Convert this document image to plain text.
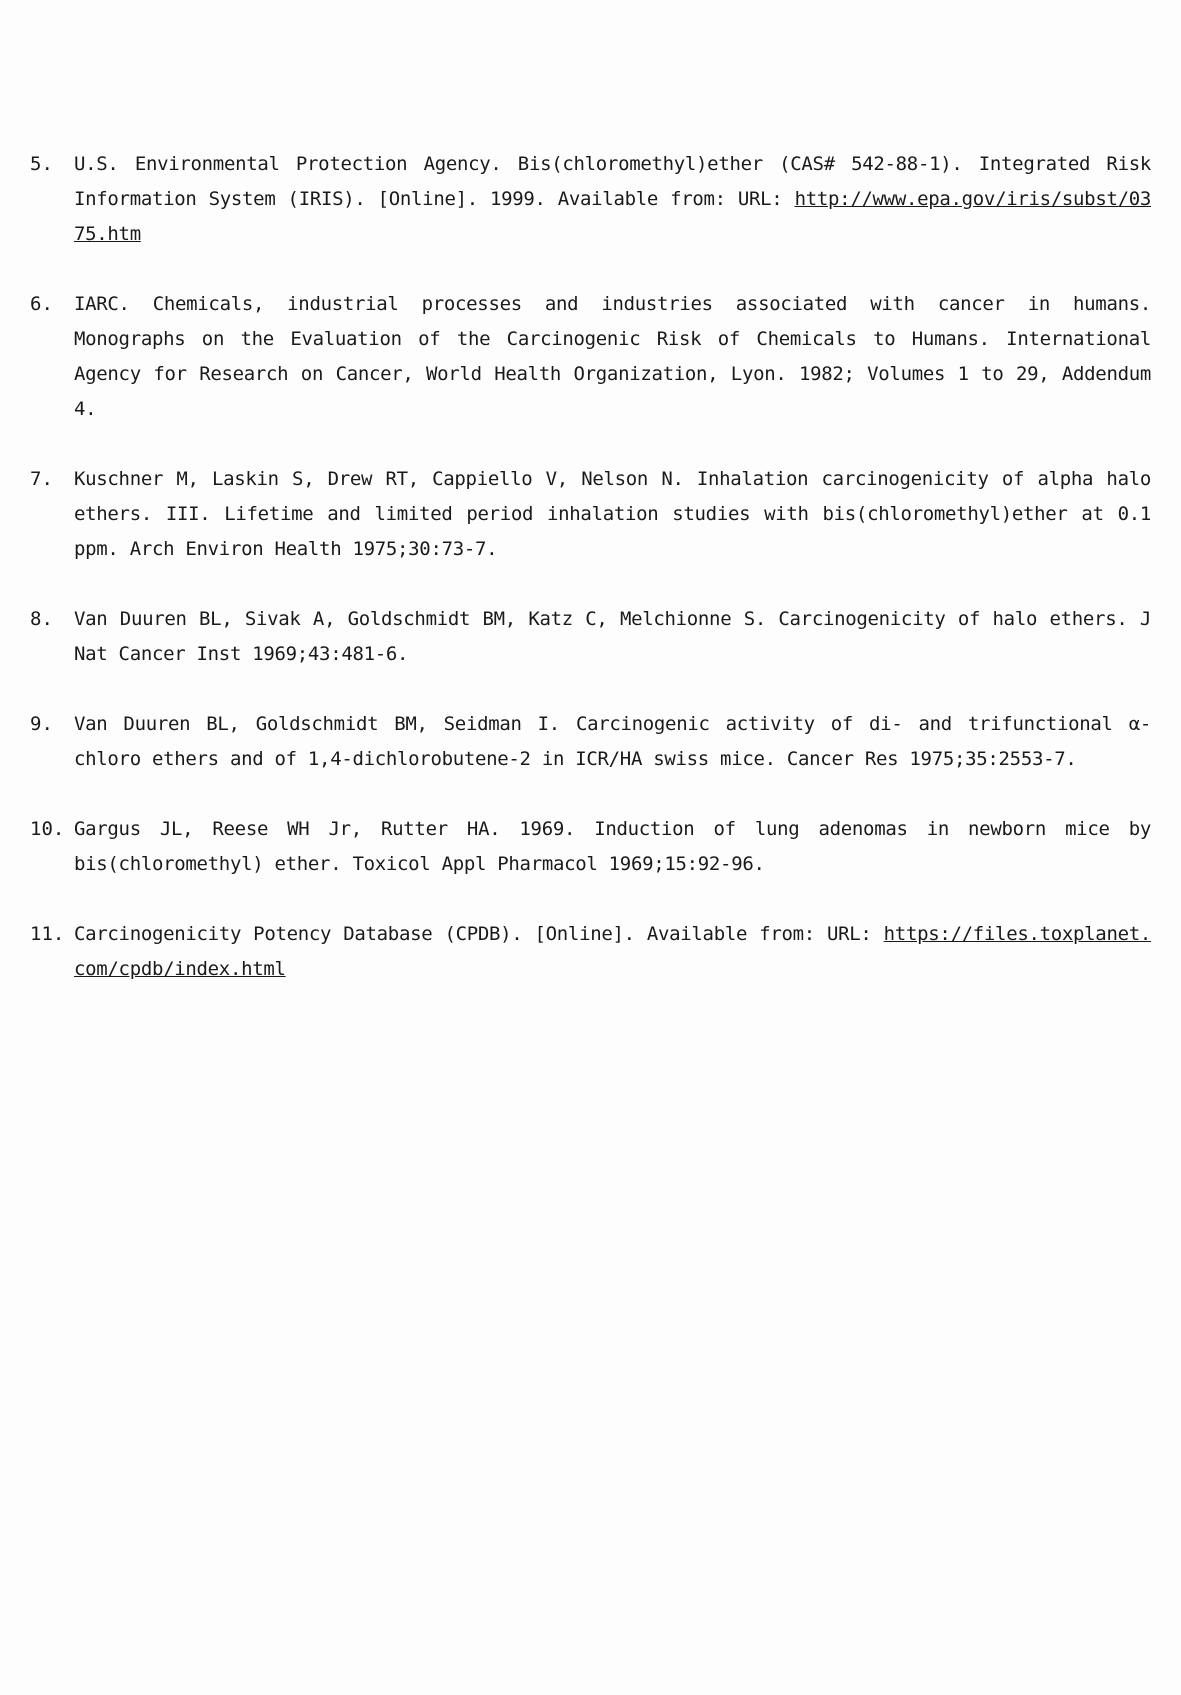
5.	U.S. Environmental Protection Agency. Bis(chloromethyl)ether (CAS# 542-88-1). Integrated Risk Information System (IRIS). [Online]. 1999. Available from: URL: http://www.epa.gov/iris/subst/0375.htm
6.	IARC. Chemicals, industrial processes and industries associated with cancer in humans. Monographs on the Evaluation of the Carcinogenic Risk of Chemicals to Humans. International Agency for Research on Cancer, World Health Organization, Lyon. 1982; Volumes 1 to 29, Addendum 4.
7.	Kuschner M, Laskin S, Drew RT, Cappiello V, Nelson N. Inhalation carcinogenicity of alpha halo ethers. III. Lifetime and limited period inhalation studies with bis(chloromethyl)ether at 0.1 ppm. Arch Environ Health 1975;30:73-7.
8.	Van Duuren BL, Sivak A, Goldschmidt BM, Katz C, Melchionne S. Carcinogenicity of halo ethers. J Nat Cancer Inst 1969;43:481-6.
9.	Van Duuren BL, Goldschmidt BM, Seidman I. Carcinogenic activity of di- and trifunctional α-chloro ethers and of 1,4-dichlorobutene-2 in ICR/HA swiss mice. Cancer Res 1975;35:2553-7.
10. Gargus JL, Reese WH Jr, Rutter HA. 1969. Induction of lung adenomas in newborn mice by bis(chloromethyl) ether. Toxicol Appl Pharmacol 1969;15:92-96.
11. Carcinogenicity Potency Database (CPDB). [Online]. Available from: URL: https://files.toxplanet.com/cpdb/index.html
